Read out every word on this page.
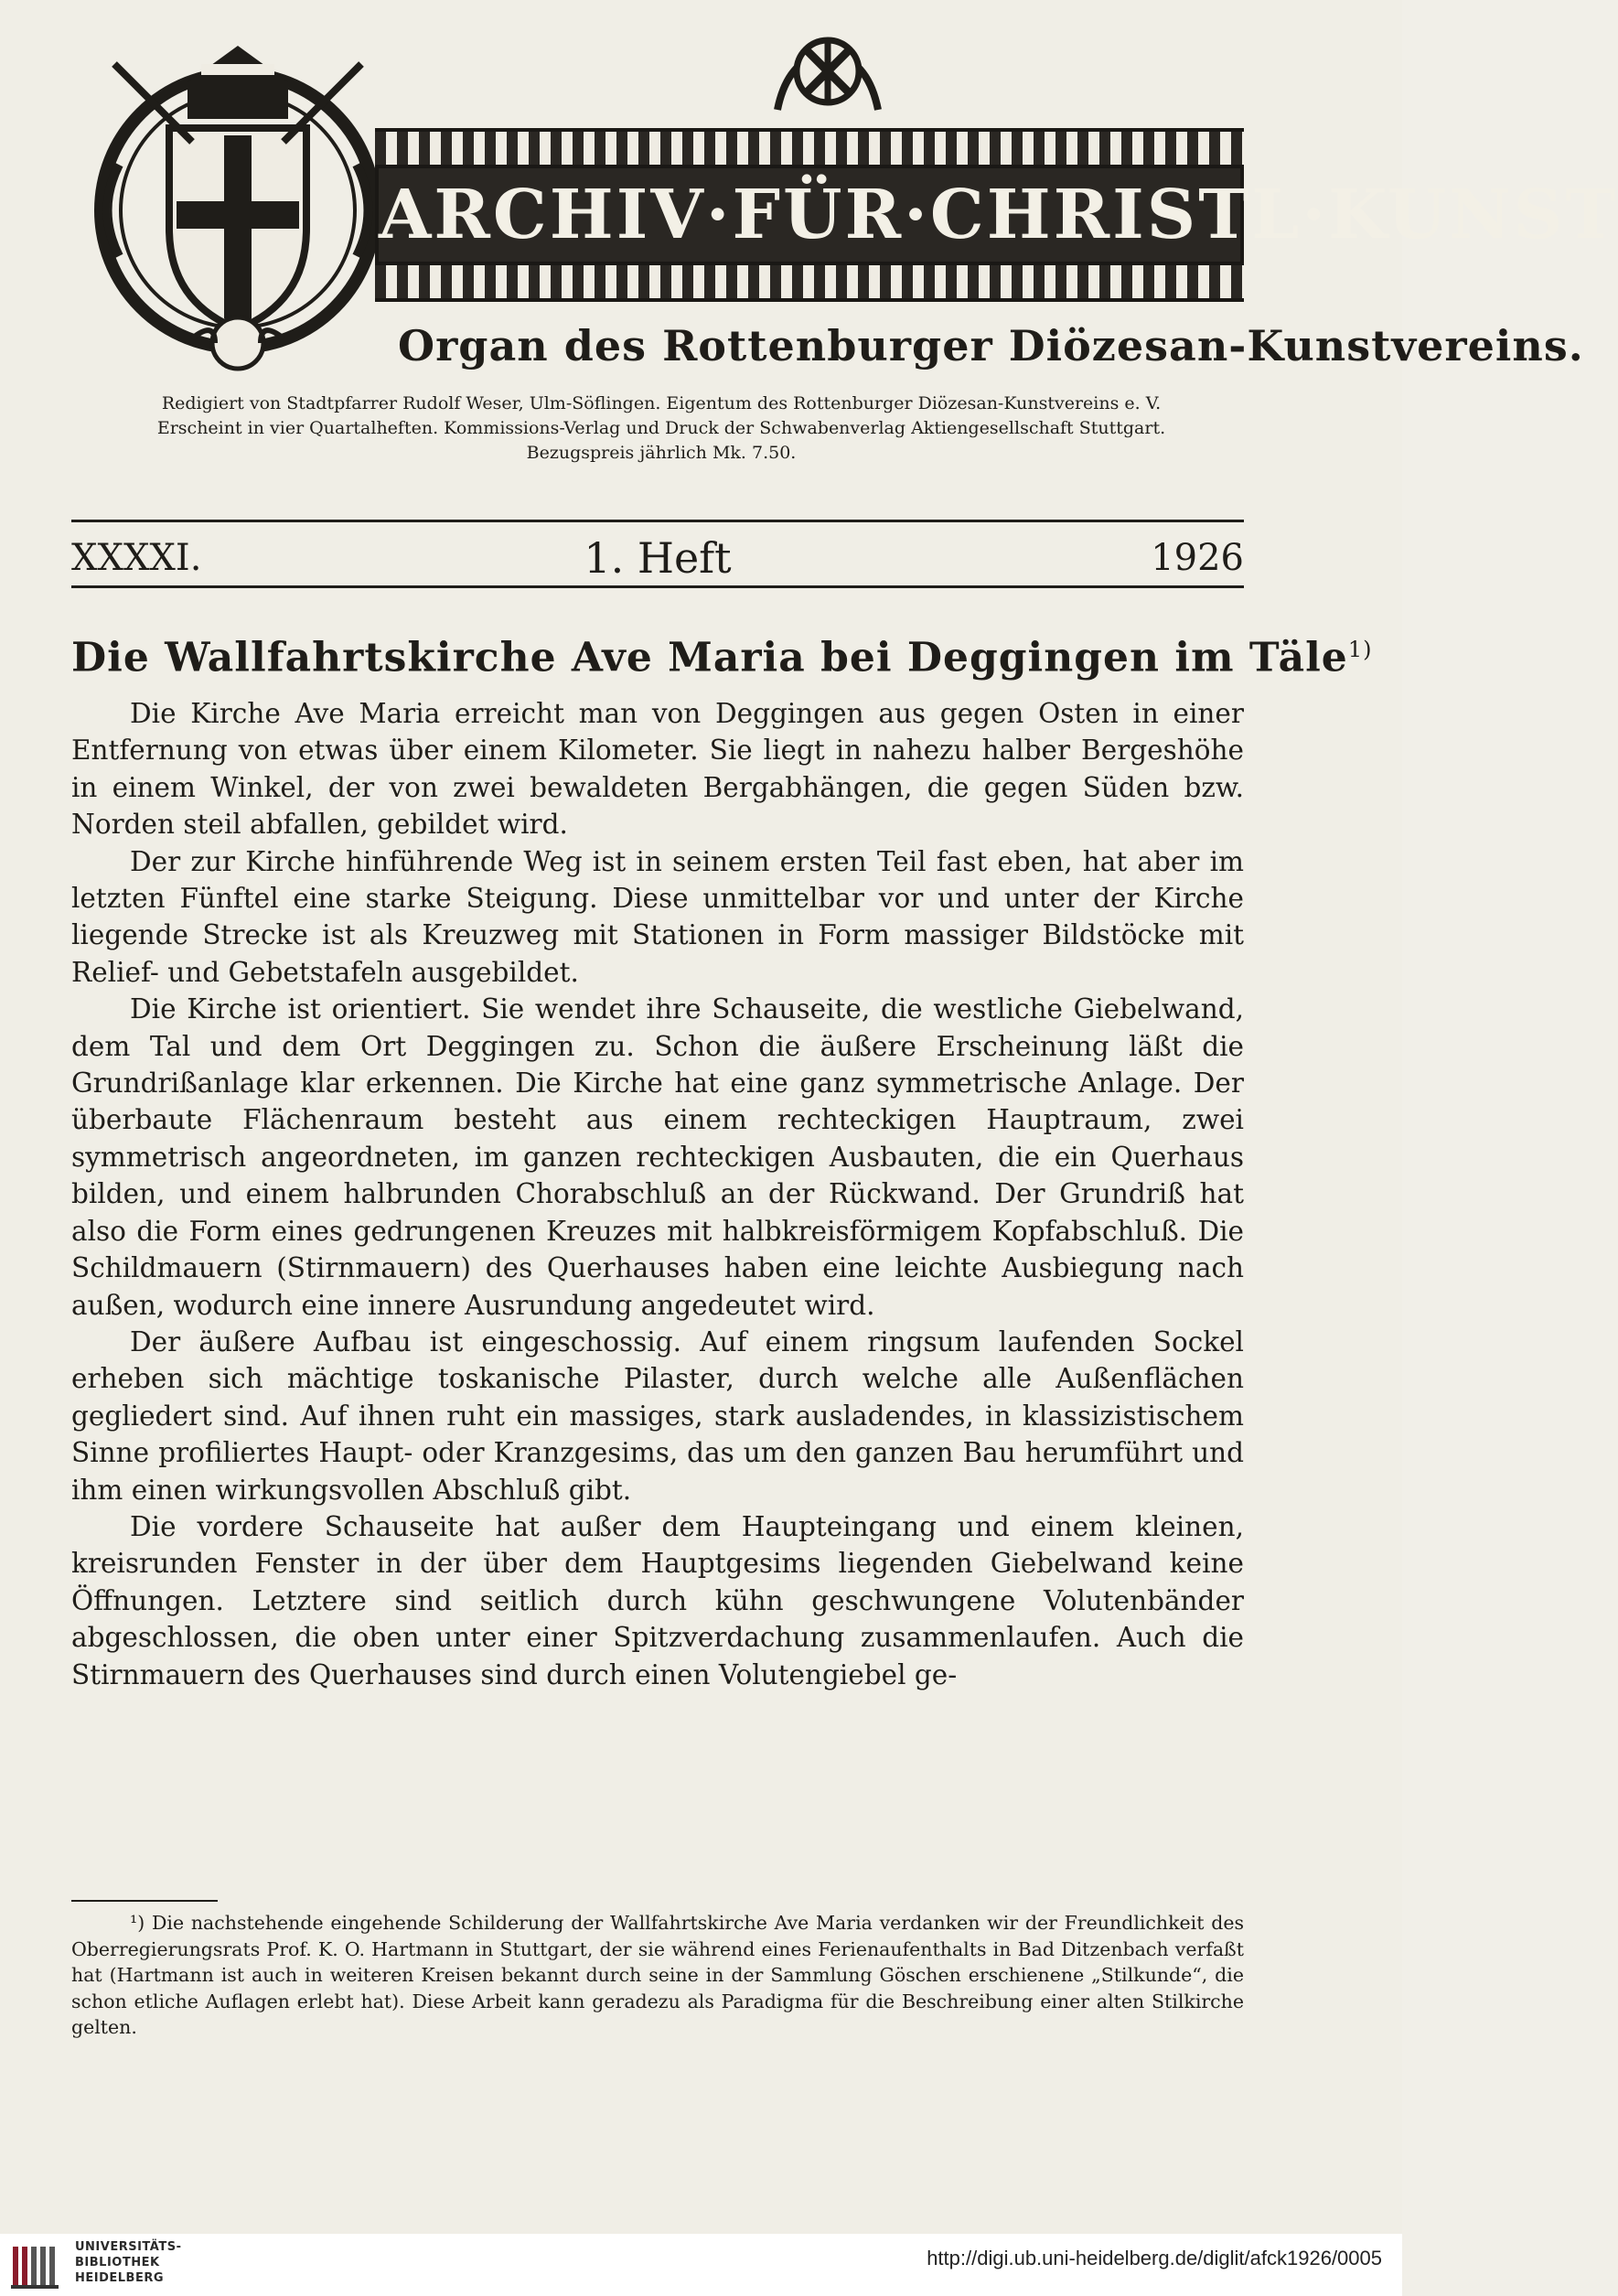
ARCHIV·FÜR·CHRISTL·KUNST
Organ des Rottenburger Diözesan-Kunstvereins.
Redigiert von Stadtpfarrer Rudolf Weser, Ulm-Söflingen. Eigentum des Rottenburger Diözesan-Kunstvereins e. V.
Erscheint in vier Quartalheften. Kommissions-Verlag und Druck der Schwabenverlag Aktiengesellschaft Stuttgart.
Bezugspreis jährlich Mk. 7.50.
XXXXI.	1. Heft	1926
Die Wallfahrtskirche Ave Maria bei Deggingen im Täle$^{1)}$

Die Kirche Ave Maria erreicht man von Deggingen aus gegen Osten in einer Entfernung von etwas über einem Kilometer. Sie liegt in nahezu halber Bergeshöhe in einem Winkel, der von zwei bewaldeten Bergabhängen, die gegen Süden bzw. Norden steil abfallen, gebildet wird.

Der zur Kirche hinführende Weg ist in seinem ersten Teil fast eben, hat aber im letzten Fünftel eine starke Steigung. Diese unmittelbar vor und unter der Kirche liegende Strecke ist als Kreuzweg mit Stationen in Form massiger Bildstöcke mit Relief- und Gebetstafeln ausgebildet.

Die Kirche ist orientiert. Sie wendet ihre Schauseite, die westliche Giebelwand, dem Tal und dem Ort Deggingen zu. Schon die äußere Erscheinung läßt die Grundrißanlage klar erkennen. Die Kirche hat eine ganz symmetrische Anlage. Der überbaute Flächenraum besteht aus einem rechteckigen Hauptraum, zwei symmetrisch angeordneten, im ganzen rechteckigen Ausbauten, die ein Querhaus bilden, und einem halbrunden Chorabschluß an der Rückwand. Der Grundriß hat also die Form eines gedrungenen Kreuzes mit halbkreisförmigem Kopfabschluß. Die Schildmauern (Stirnmauern) des Querhauses haben eine leichte Ausbiegung nach außen, wodurch eine innere Ausrundung angedeutet wird.

Der äußere Aufbau ist eingeschossig. Auf einem ringsum laufenden Sockel erheben sich mächtige toskanische Pilaster, durch welche alle Außenflächen gegliedert sind. Auf ihnen ruht ein massiges, stark ausladendes, in klassizistischem Sinne profiliertes Haupt- oder Kranzgesims, das um den ganzen Bau herumführt und ihm einen wirkungsvollen Abschluß gibt.

Die vordere Schauseite hat außer dem Haupteingang und einem kleinen, kreisrunden Fenster in der über dem Hauptgesims liegenden Giebelwand keine Öffnungen. Letztere sind seitlich durch kühn geschwungene Volutenbänder abgeschlossen, die oben unter einer Spitzverdachung zusammenlaufen. Auch die Stirnmauern des Querhauses sind durch einen Volutengiebel ge-

¹) Die nachstehende eingehende Schilderung der Wallfahrtskirche Ave Maria verdanken wir der Freundlichkeit des Oberregierungsrats Prof. K. O. Hartmann in Stuttgart, der sie während eines Ferienaufenthalts in Bad Ditzenbach verfaßt hat (Hartmann ist auch in weiteren Kreisen bekannt durch seine in der Sammlung Göschen erschienene „Stilkunde“, die schon etliche Auflagen erlebt hat). Diese Arbeit kann geradezu als Paradigma für die Beschreibung einer alten Stilkirche gelten.

UNIVERSITÄTS-
BIBLIOTHEK
HEIDELBERG
http://digi.ub.uni-heidelberg.de/diglit/afck1926/0005
